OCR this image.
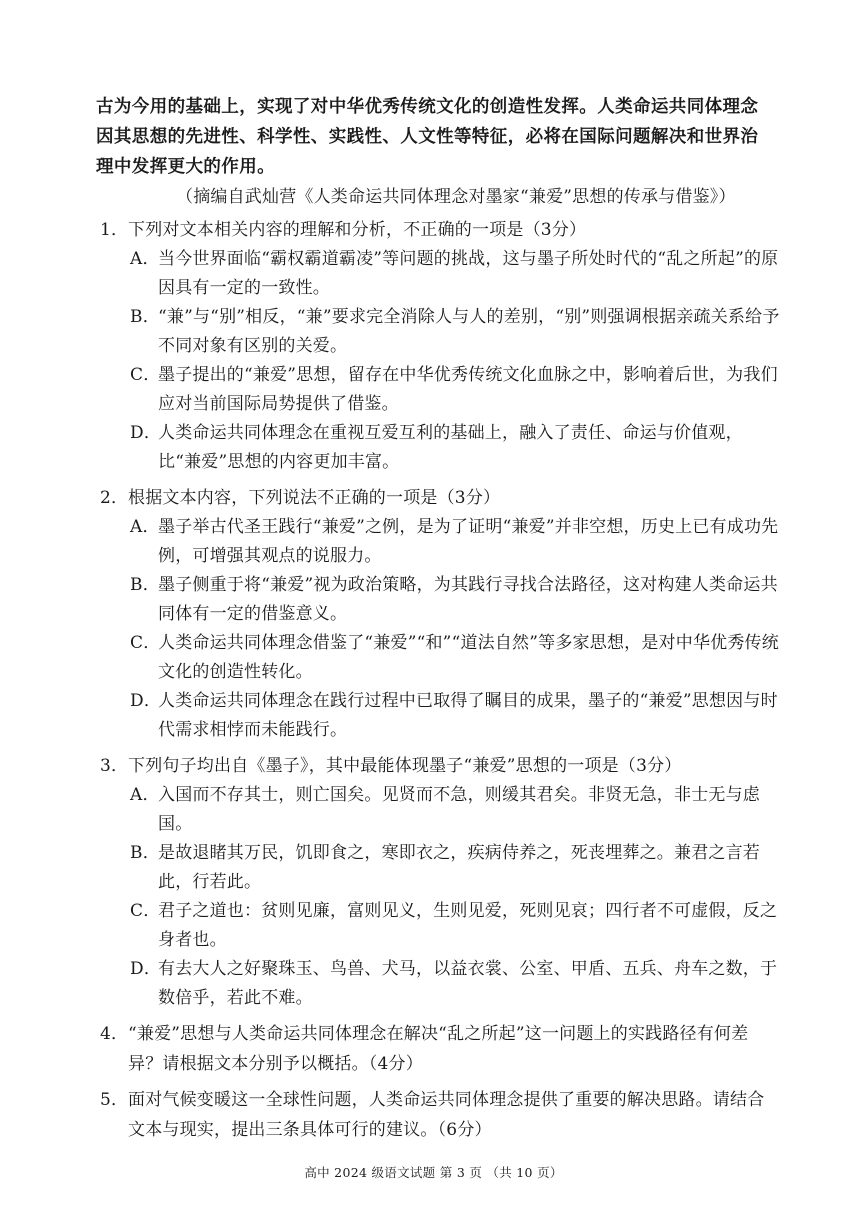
古为今用的基础上，实现了对中华优秀传统文化的创造性发挥。人类命运共同体理念因其思想的先进性、科学性、实践性、人文性等特征，必将在国际问题解决和世界治理中发挥更大的作用。

（摘编自武灿营《人类命运共同体理念对墨家“兼爱”思想的传承与借鉴》）
1． 下列对文本相关内容的理解和分析，不正确的一项是（3分）
A．
当今世界面临“霸权霸道霸凌”等问题的挑战，这与墨子所处时代的“乱之所起”的原因具有一定的一致性。
B．
“兼”与“别”相反，“兼”要求完全消除人与人的差别，“别”则强调根据亲疏关系给予不同对象有区别的关爱。
C．
墨子提出的“兼爱”思想，留存在中华优秀传统文化血脉之中，影响着后世，为我们应对当前国际局势提供了借鉴。
D．
人类命运共同体理念在重视互爱互利的基础上，融入了责任、命运与价值观，比“兼爱”思想的内容更加丰富。
2． 根据文本内容，下列说法不正确的一项是（3分）
A．
墨子举古代圣王践行“兼爱”之例，是为了证明“兼爱”并非空想，历史上已有成功先例，可增强其观点的说服力。
B．
墨子侧重于将“兼爱”视为政治策略，为其践行寻找合法路径，这对构建人类命运共同体有一定的借鉴意义。
C．
人类命运共同体理念借鉴了“兼爱”“和”“道法自然”等多家思想，是对中华优秀传统文化的创造性转化。
D．
人类命运共同体理念在践行过程中已取得了瞩目的成果，墨子的“兼爱”思想因与时代需求相悖而未能践行。
3． 下列句子均出自《墨子》，其中最能体现墨子“兼爱”思想的一项是（3分）
A．
入国而不存其士，则亡国矣。见贤而不急，则缓其君矣。非贤无急，非士无与虑国。
B．
是故退睹其万民，饥即食之，寒即衣之，疾病侍养之，死丧埋葬之。兼君之言若此，行若此。
C．
君子之道也：贫则见廉，富则见义，生则见爱，死则见哀；四行者不可虚假，反之身者也。
D．
有去大人之好聚珠玉、鸟兽、犬马，以益衣裳、公室、甲盾、五兵、舟车之数，于数倍乎，若此不难。
4． “兼爱”思想与人类命运共同体理念在解决“乱之所起”这一问题上的实践路径有何差异？请根据文本分别予以概括。（4分）
5． 面对气候变暖这一全球性问题，人类命运共同体理念提供了重要的解决思路。请结合文本与现实，提出三条具体可行的建议。（6分）
高中 2024 级语文试题 第 3 页 （共 10 页）
